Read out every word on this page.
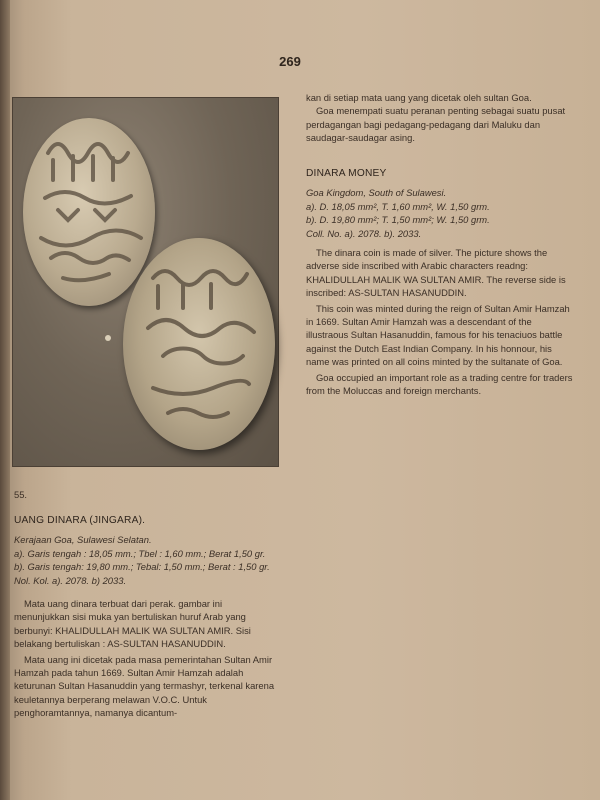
269
kan di setiap mata uang yang dicetak oleh sultan Goa.

Goa menempati suatu peranan penting sebagai suatu pusat perdagangan bagi pedagang-pedagang dari Maluku dan saudagar-saudagar asing.

DINARA MONEY
Goa Kingdom, South of Sulawesi.
a). D. 18,05 mm², T. 1,60 mm², W. 1,50 grm.
b). D. 19,80 mm²; T. 1,50 mm²; W. 1,50 grm.
Coll. No. a). 2078. b). 2033.

The dinara coin is made of silver. The picture shows the adverse side inscribed with Arabic characters readng: KHALIDULLAH MALIK WA SULTAN AMIR. The reverse side is inscribed: AS-SULTAN HASANUDDIN.

This coin was minted during the reign of Sultan Amir Hamzah in 1669. Sultan Amir Hamzah was a descendant of the illustraous Sultan Hasanuddin, famous for his tenaciuos battle against the Dutch East Indian Company. In his honnour, his name was printed on all coins minted by the sultanate of Goa.

Goa occupied an important role as a trading centre for traders from the Moluccas and foreign merchants.

55.
UANG DINARA (JINGARA).
Kerajaan Goa, Sulawesi Selatan.
a). Garis tengah : 18,05 mm.; Tbel : 1,60 mm.; Berat 1,50 gr.
b). Garis tengah: 19,80 mm.; Tebal: 1,50 mm.; Berat : 1,50 gr.
Nol. Kol. a). 2078. b) 2033.

Mata uang dinara terbuat dari perak. gambar ini menunjukkan sisi muka yan bertuliskan huruf Arab yang berbunyi: KHALIDULLAH MALIK WA SULTAN AMIR. Sisi belakang bertuliskan : AS-SULTAN HASANUDDIN.

Mata uang ini dicetak pada masa pemerintahan Sultan Amir Hamzah pada tahun 1669. Sultan Amir Hamzah adalah keturunan Sultan Hasanuddin yang termashyr, terkenal karena keuletannya berperang melawan V.O.C. Untuk penghoramtannya, namanya dicantum-
